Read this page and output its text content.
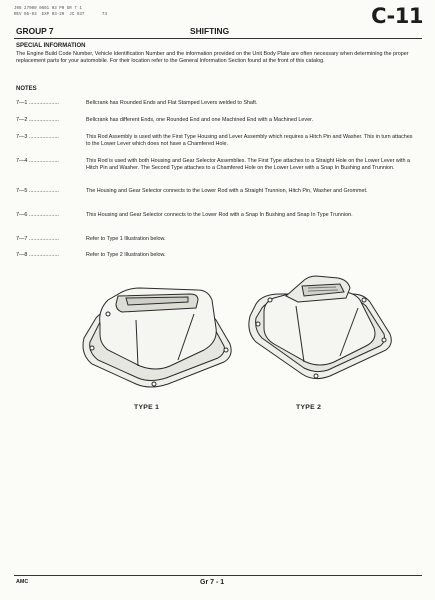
J08 27000 0601 03 P0 GR 7 1
REV 05-03  EXP 03-20  JC 937       74	C-11
GROUP 7	SHIFTING
SPECIAL INFORMATION
The Engine Build Code Number, Vehicle Identification Number and the information provided on the Unit Body Plate are often necessary when determining the proper replacement parts for your automobile. For their location refer to the General Information Section found at the front of this catalog.
NOTES
7—1 ....................	Bellcrank has Rounded Ends and Flat Stamped Levers welded to Shaft.
7—2 ....................	Bellcrank has different Ends, one Rounded End and one Machined End with a Machined Lever.
7—3 ....................	This Rod Assembly is used with the First Type Housing and Lever Assembly which requires a Hitch Pin and Washer. This in turn attaches to the Lower Lever which does not have a Chamfered Hole.
7—4 ....................	This Rod is used with both Housing and Gear Selector Assemblies. The First Type attaches to a Straight Hole on the Lower Lever with a Hitch Pin and Washer. The Second Type attaches to a Chamfered Hole on the Lower Lever with a Snap In Bushing and Trunnion.
7—5 ....................	The Housing and Gear Selector connects to the Lower Rod with a Straight Trunnion, Hitch Pin, Washer and Grommet.
7—6 ....................	This Housing and Gear Selector connects to the Lower Rod with a Snap In Bushing and Snap In Type Trunnion.
7—7 ....................	Refer to Type 1 Illustration below.
7—8 ....................	Refer to Type 2 Illustration below.
TYPE 1	TYPE 2
AMC	Gr 7 - 1
